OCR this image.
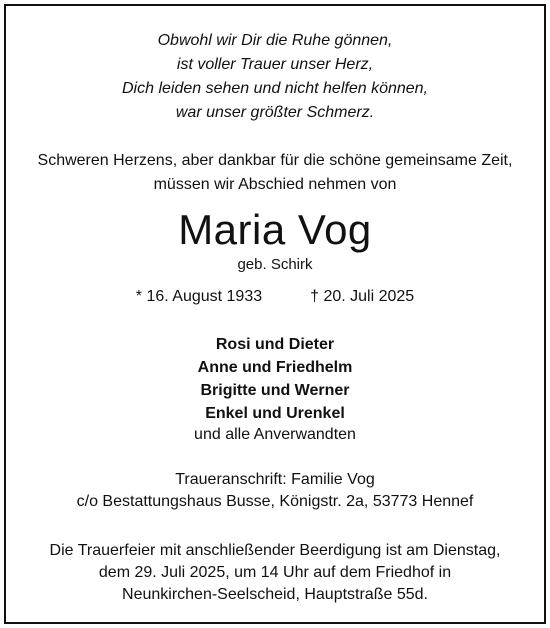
Obwohl wir Dir die Ruhe gönnen,
ist voller Trauer unser Herz,
Dich leiden sehen und nicht helfen können,
war unser größter Schmerz.
Schweren Herzens, aber dankbar für die schöne gemeinsame Zeit,
müssen wir Abschied nehmen von
Maria Vog
geb. Schirk
* 16. August 1933	† 20. Juli 2025
Rosi und Dieter
Anne und Friedhelm
Brigitte und Werner
Enkel und Urenkel
und alle Anverwandten
Traueranschrift: Familie Vog
c/o Bestattungshaus Busse, Königstr. 2a, 53773 Hennef
Die Trauerfeier mit anschließender Beerdigung ist am Dienstag,
dem 29. Juli 2025, um 14 Uhr auf dem Friedhof in
Neunkirchen-Seelscheid, Hauptstraße 55d.
